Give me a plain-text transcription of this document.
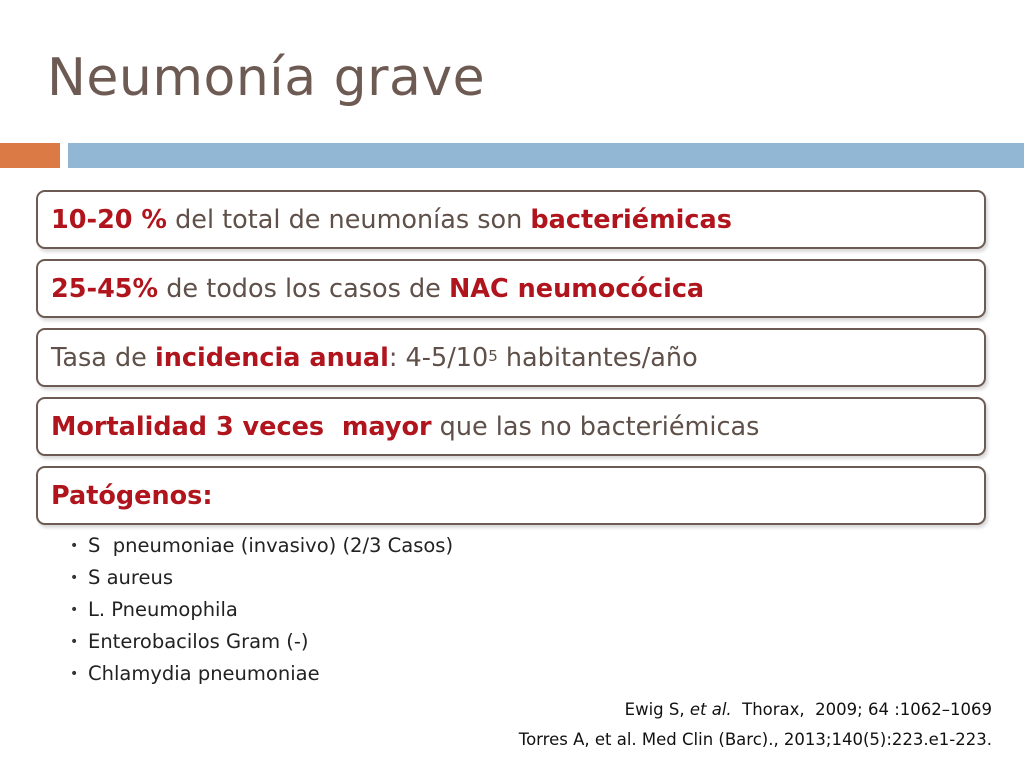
Neumonía grave
10-20 % del total de neumonías son bacteriémicas
25-45% de todos los casos de NAC neumocócica
Tasa de incidencia anual : $4-5/10^5$ habitantes/año
Mortalidad 3 veces  mayor que las no bacteriémicas
Patógenos:
• S  pneumoniae (invasivo) (2/3 Casos)
• S aureus
• L. Pneumophila
• Enterobacilos Gram (-)
• Chlamydia pneumoniae
Ewig S, et al.  Thorax,  2009; 64 :1062–1069
Torres A, et al. Med Clin (Barc)., 2013;140(5):223.e1-223.
